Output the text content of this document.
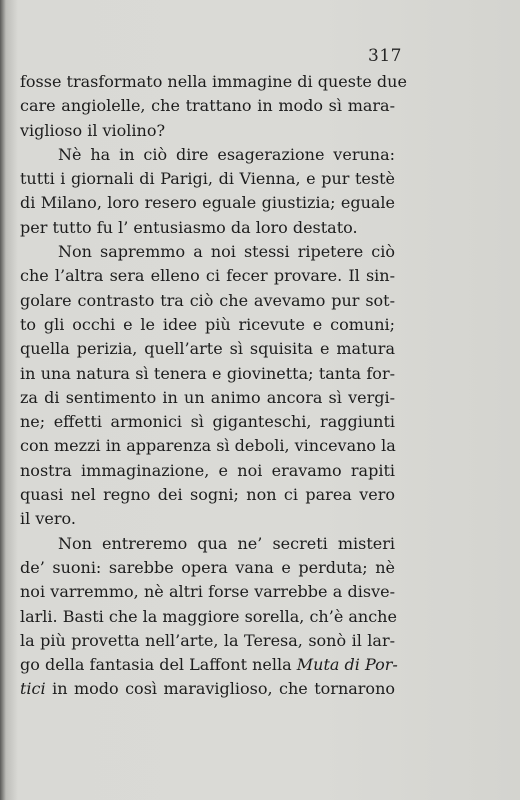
317
fosse trasformato nella immagine di queste due
care angiolelle, che trattano in modo sì mara-
viglioso il violino?
Nè ha in ciò dire esagerazione veruna:
tutti i giornali di Parigi, di Vienna, e pur testè
di Milano, loro resero eguale giustizia; eguale
per tutto fu l’ entusiasmo da loro destato.
Non sapremmo a noi stessi ripetere ciò
che l’altra sera elleno ci fecer provare. Il sin-
golare contrasto tra ciò che avevamo pur sot-
to gli occhi e le idee più ricevute e comuni;
quella perizia, quell’arte sì squisita e matura
in una natura sì tenera e giovinetta; tanta for-
za di sentimento in un animo ancora sì vergi-
ne; effetti armonici sì giganteschi, raggiunti
con mezzi in apparenza sì deboli, vincevano la
nostra immaginazione, e noi eravamo rapiti
quasi nel regno dei sogni; non ci parea vero
il vero.
Non entreremo qua ne’ secreti misteri
de’ suoni: sarebbe opera vana e perduta; nè
noi varremmo, nè altri forse varrebbe a disve-
larli. Basti che la maggiore sorella, ch’è anche
la più provetta nell’arte, la Teresa, sonò il lar-
go della fantasia del Laffont nella Muta di Por-
tici in modo così maraviglioso, che tornarono
